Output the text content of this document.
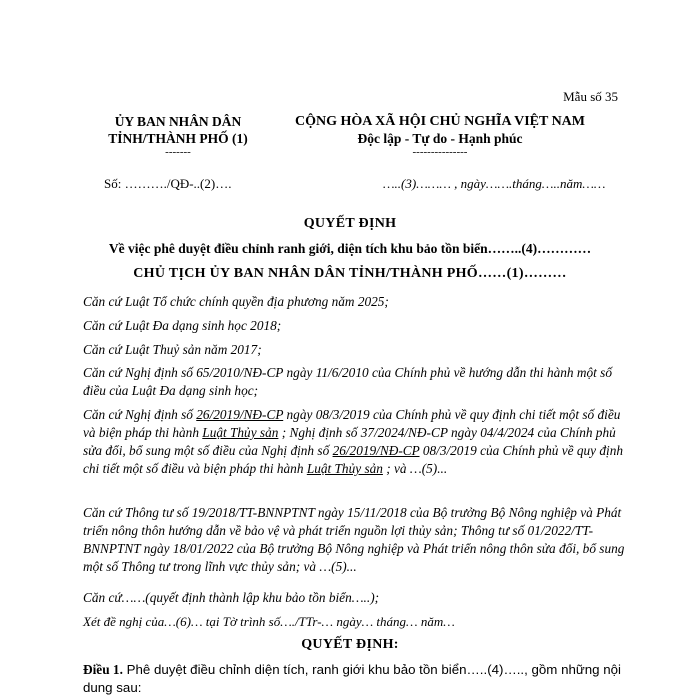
Mẫu số 35
ỦY BAN NHÂN DÂN
TỈNH/THÀNH PHỐ (1)
-------
CỘNG HÒA XÃ HỘI CHỦ NGHĨA VIỆT NAM
Độc lập - Tự do - Hạnh phúc
---------------
Số: ………./QĐ-..(2)….	…..(3)……… , ngày…….tháng…..năm……
QUYẾT ĐỊNH
Về việc phê duyệt điều chỉnh ranh giới, diện tích khu bảo tồn biển……..(4)…………
CHỦ TỊCH ỦY BAN NHÂN DÂN TỈNH/THÀNH PHỐ……(1)………
Căn cứ Luật Tổ chức chính quyền địa phương năm 2025;
Căn cứ Luật Đa dạng sinh học 2018;
Căn cứ Luật Thuỷ sản năm 2017;
Căn cứ Nghị định số 65/2010/NĐ-CP ngày 11/6/2010 của Chính phủ về hướng dẫn thi hành một số điều của Luật Đa dạng sinh học;
Căn cứ Nghị định số 26/2019/NĐ-CP ngày 08/3/2019 của Chính phủ về quy định chi tiết một số điều và biện pháp thi hành Luật Thủy sản ; Nghị định số 37/2024/NĐ-CP ngày 04/4/2024 của Chính phủ sửa đổi, bổ sung một số điều của Nghị định số 26/2019/NĐ-CP 08/3/2019 của Chính phủ về quy định chi tiết một số điều và biện pháp thi hành Luật Thủy sản ; và …(5)...
Căn cứ Thông tư số 19/2018/TT-BNNPTNT ngày 15/11/2018 của Bộ trưởng Bộ Nông nghiệp và Phát triển nông thôn hướng dẫn về bảo vệ và phát triển nguồn lợi thủy sản; Thông tư số 01/2022/TT-BNNPTNT ngày 18/01/2022 của Bộ trưởng Bộ Nông nghiệp và Phát triển nông thôn sửa đổi, bổ sung một số Thông tư trong lĩnh vực thủy sản; và …(5)...
Căn cứ……(quyết định thành lập khu bảo tồn biển…..);
Xét đề nghị của…(6)… tại Tờ trình số…./TTr-… ngày… tháng… năm…
QUYẾT ĐỊNH:
Điều 1. Phê duyệt điều chỉnh diện tích, ranh giới khu bảo tồn biển…..(4)….., gồm những nội dung sau:
